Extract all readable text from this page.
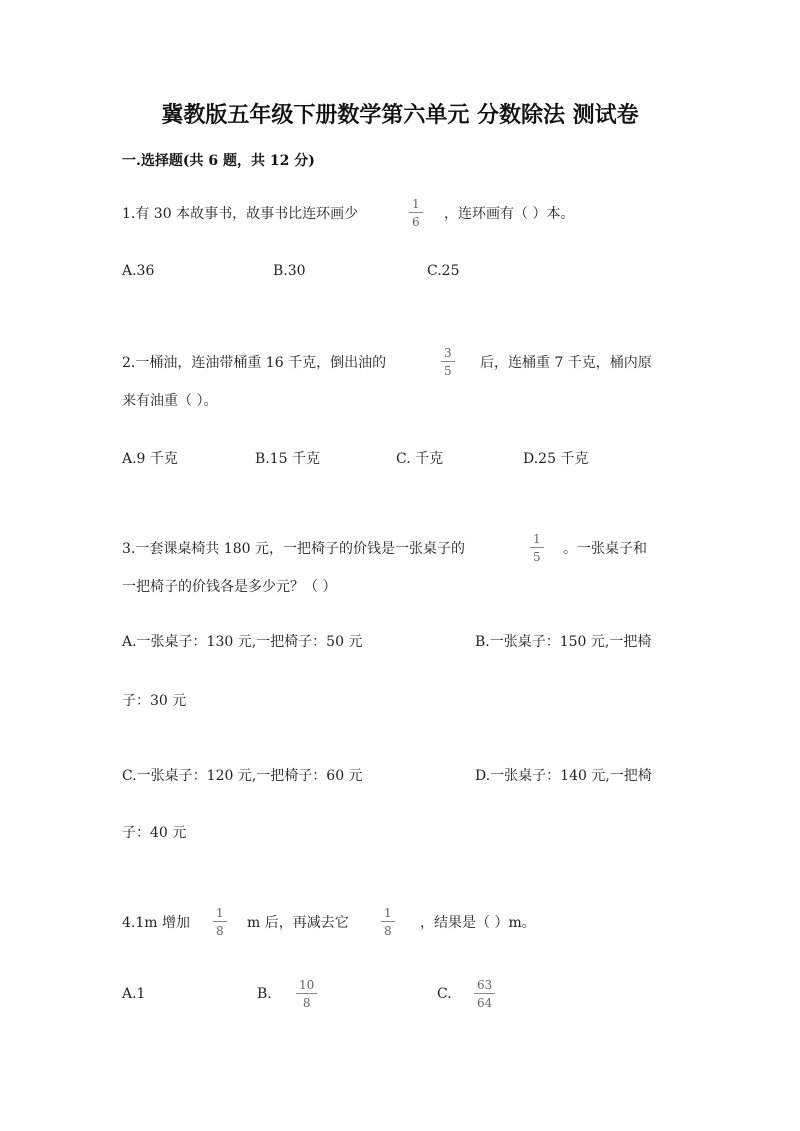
冀教版五年级下册数学第六单元 分数除法 测试卷
一.选择题(共 6 题，共 12 分)
1.有 30 本故事书，故事书比连环画少
1
6 ，连环画有（ ）本。
A.36	B.30	C.25
2.一桶油，连油带桶重 16 千克，倒出油的
3
5 后，连桶重 7 千克，桶内原
来有油重（ ）。
A.9 千克	B.15 千克	C. 千克	D.25 千克
3.一套课桌椅共 180 元，一把椅子的价钱是一张桌子的
1
5 。一张桌子和
一把椅子的价钱各是多少元？（ ）
A.一张桌子：130 元,一把椅子：50 元	B.一张桌子：150 元,一把椅
子：30 元
C.一张桌子：120 元,一把椅子：60 元	D.一张桌子：140 元,一把椅
子：40 元
4.1m 增加
1
8 m 后，再减去它
1
8 ，结果是（ ）m。
A.1	B.
10
8
C.
63
64
